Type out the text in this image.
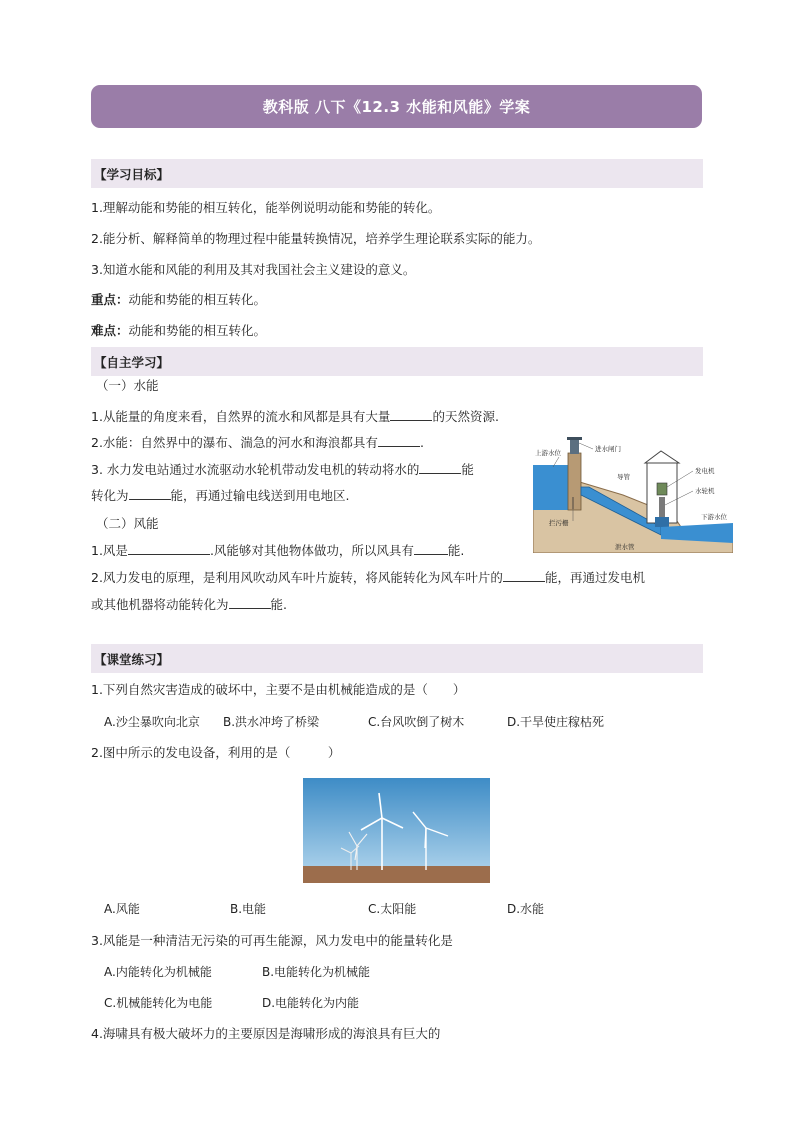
教科版 八下《12.3 水能和风能》学案
【学习目标】
1.理解动能和势能的相互转化，能举例说明动能和势能的转化。
2.能分析、解释简单的物理过程中能量转换情况，培养学生理论联系实际的能力。
3.知道水能和风能的利用及其对我国社会主义建设的意义。
重点：动能和势能的相互转化。
难点：动能和势能的相互转化。
【自主学习】
（一）水能
1.从能量的角度来看，自然界的流水和风都是具有大量	的天然资源.
2.水能：自然界中的瀑布、湍急的河水和海浪都具有	.
3. 水力发电站通过水流驱动水轮机带动发电机的转动将水的	能
转化为	能，再通过输电线送到用电地区.
（二）风能
1.风是	.风能够对其他物体做功，所以风具有	能.
2.风力发电的原理，是利用风吹动风车叶片旋转，将风能转化为风车叶片的	能，再通过发电机
或其他机器将动能转化为	能.
上游水位	进水闸门
导管
发电机
水轮机
下游水位
拦污栅
泄水管
【课堂练习】
1.下列自然灾害造成的破坏中，主要不是由机械能造成的是（　　）
A.沙尘暴吹向北京 B.洪水冲垮了桥梁	C.台风吹倒了树木	D.干旱使庄稼枯死
2.图中所示的发电设备，利用的是（　　　）
A.风能	B.电能	C.太阳能	D.水能
3.风能是一种清洁无污染的可再生能源，风力发电中的能量转化是
A.内能转化为机械能	B.电能转化为机械能
C.机械能转化为电能	D.电能转化为内能
4.海啸具有极大破坏力的主要原因是海啸形成的海浪具有巨大的
